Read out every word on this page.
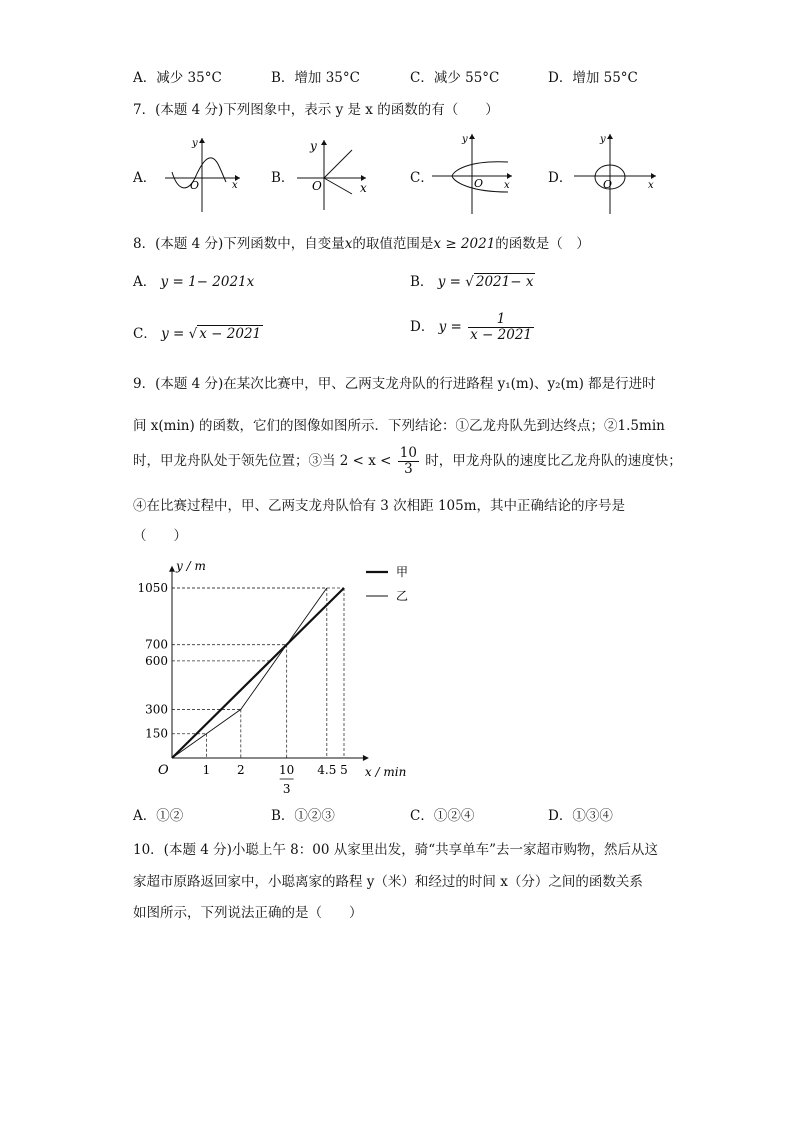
A．减少 35°C	B．增加 35°C	C．减少 55°C	D．增加 55°C
7．(本题 4 分)下列图象中，表示 y 是 x 的函数的有（　　）
A．	O	x
y
B． O	x
y
C．	O x
y
D．	O	x
y
8．(本题 4 分)下列函数中，自变量x的取值范围是x ≥ 2021的函数是（　）
A． y = 1− 2021x	B． y = √ 2021− x
C． y = √ x − 2021	D． $y = \frac{1}{x - 2021}$
9．(本题 4 分)在某次比赛中，甲、乙两支龙舟队的行进路程 y₁(m)、y₂(m) 都是行进时
间 x(min) 的函数，它们的图像如图所示．下列结论：①乙龙舟队先到达终点；②1.5min
时，甲龙舟队处于领先位置；③当 $2 < x < \frac{10}{3}$ 时，甲龙舟队的速度比乙龙舟队的速度快；
④在比赛过程中，甲、乙两支龙舟队恰有 3 次相距 105m，其中正确结论的序号是
（　　）
150
300
600
700
1050
1 2	10
3
4.5 5
O	x / min
y / m	甲
乙
A．①②	B．①②③	C．①②④	D．①③④
10．(本题 4 分)小聪上午 8：00 从家里出发，骑“共享单车”去一家超市购物，然后从这
家超市原路返回家中，小聪离家的路程 y（米）和经过的时间 x（分）之间的函数关系
如图所示，下列说法正确的是（　　）
